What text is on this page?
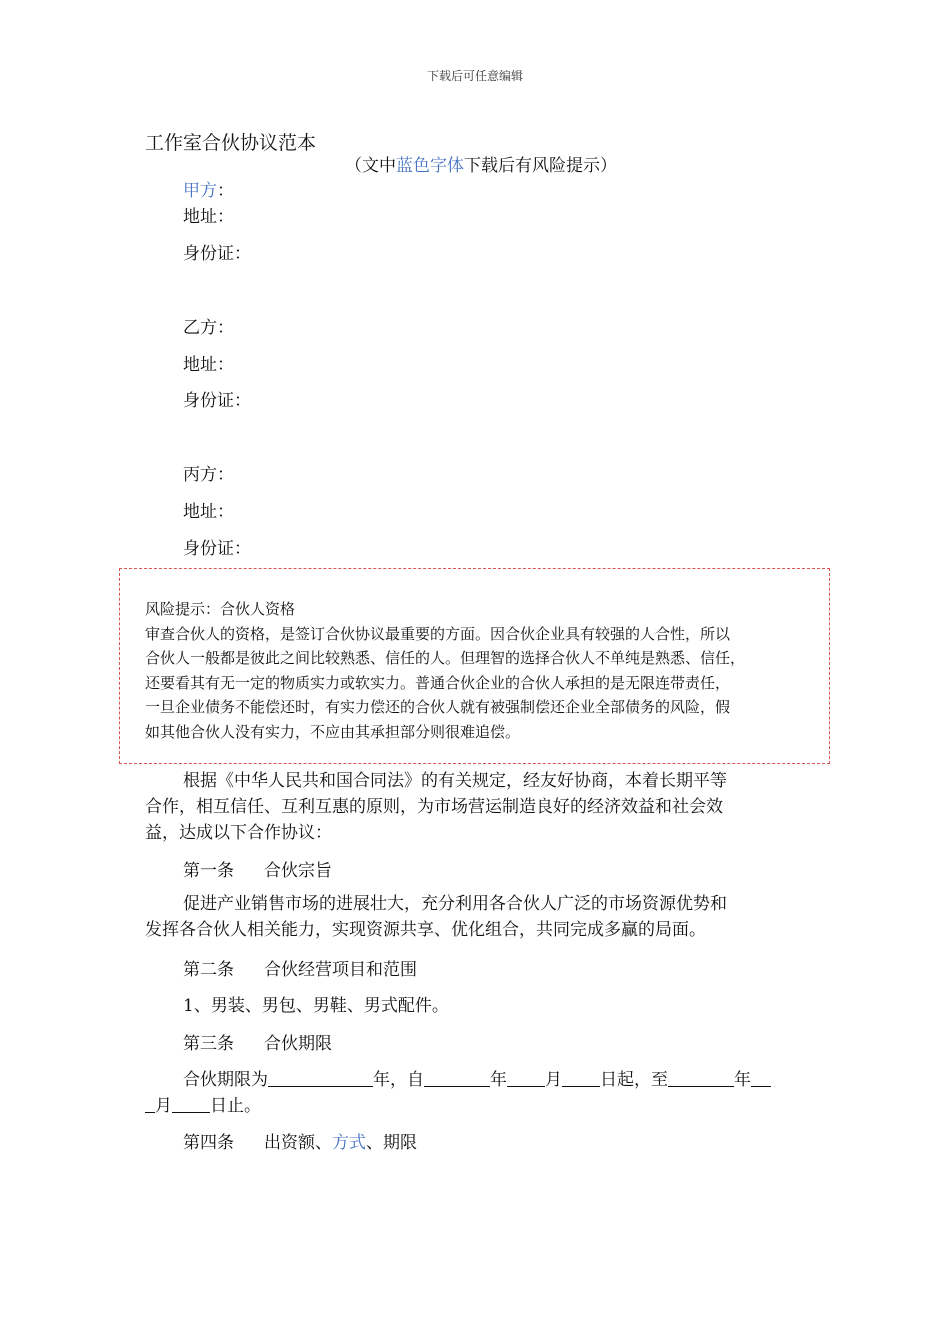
下载后可任意编辑
工作室合伙协议范本
（文中蓝色字体下载后有风险提示）
甲方：
地址：
身份证：
乙方：
地址：
身份证：
丙方：
地址：
身份证：
风险提示：合伙人资格
审查合伙人的资格，是签订合伙协议最重要的方面。因合伙企业具有较强的人合性，所以
合伙人一般都是彼此之间比较熟悉、信任的人。但理智的选择合伙人不单纯是熟悉、信任，
还要看其有无一定的物质实力或软实力。普通合伙企业的合伙人承担的是无限连带责任，
一旦企业债务不能偿还时，有实力偿还的合伙人就有被强制偿还企业全部债务的风险，假
如其他合伙人没有实力，不应由其承担部分则很难追偿。
根据《中华人民共和国合同法》的有关规定，经友好协商，本着长期平等
合作，相互信任、互利互惠的原则，为市场营运制造良好的经济效益和社会效
益，达成以下合作协议：
第一条 合伙宗旨
促进产业销售市场的进展壮大，充分利用各合伙人广泛的市场资源优势和
发挥各合伙人相关能力，实现资源共享、优化组合，共同完成多赢的局面。
第二条 合伙经营项目和范围
1、男装、男包、男鞋、男式配件。
第三条 合伙期限
合伙期限为	年，自	年 月 日起，至	年
月 日止。
第四条 出资额、方式、期限
